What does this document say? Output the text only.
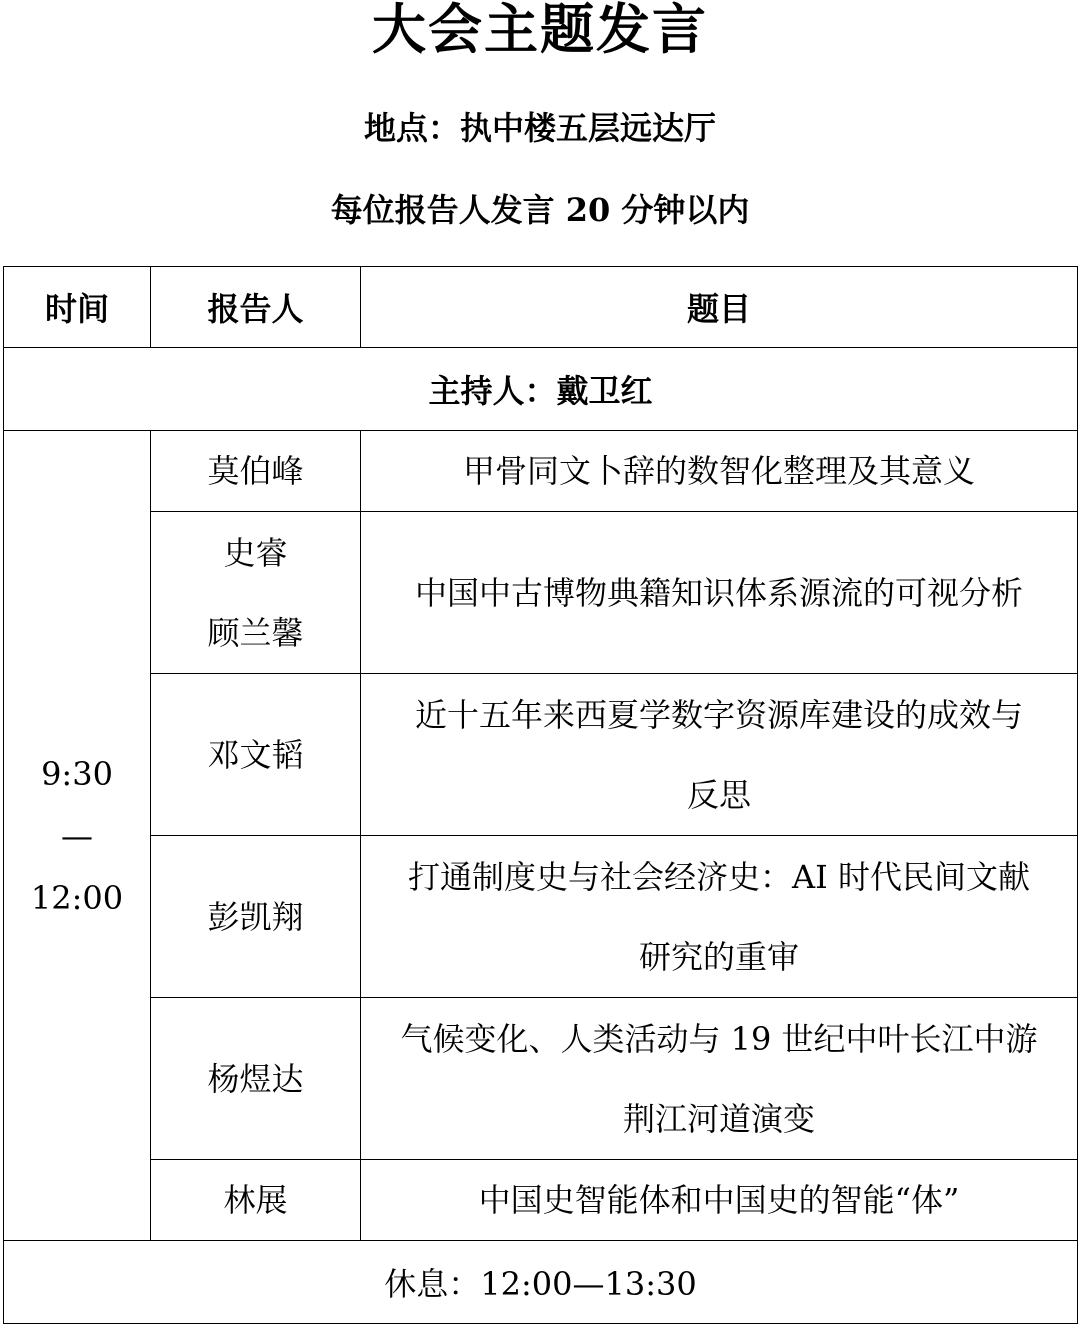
大会主题发言
地点：执中楼五层远达厅
每位报告人发言 20 分钟以内
时间	报告人	题目
主持人：戴卫红		

9:30
—
12:00	莫伯峰	甲骨同文卜辞的数智化整理及其意义

	史睿
顾兰馨	中国中古博物典籍知识体系源流的可视分析

	邓文韬	近十五年来西夏学数字资源库建设的成效与
反思

	彭凯翔	打通制度史与社会经济史：AI 时代民间文献
研究的重审

	杨煜达	气候变化、人类活动与 19 世纪中叶长江中游
荆江河道演变

	林展	中国史智能体和中国史的智能“体”

休息：12:00—13:30		
